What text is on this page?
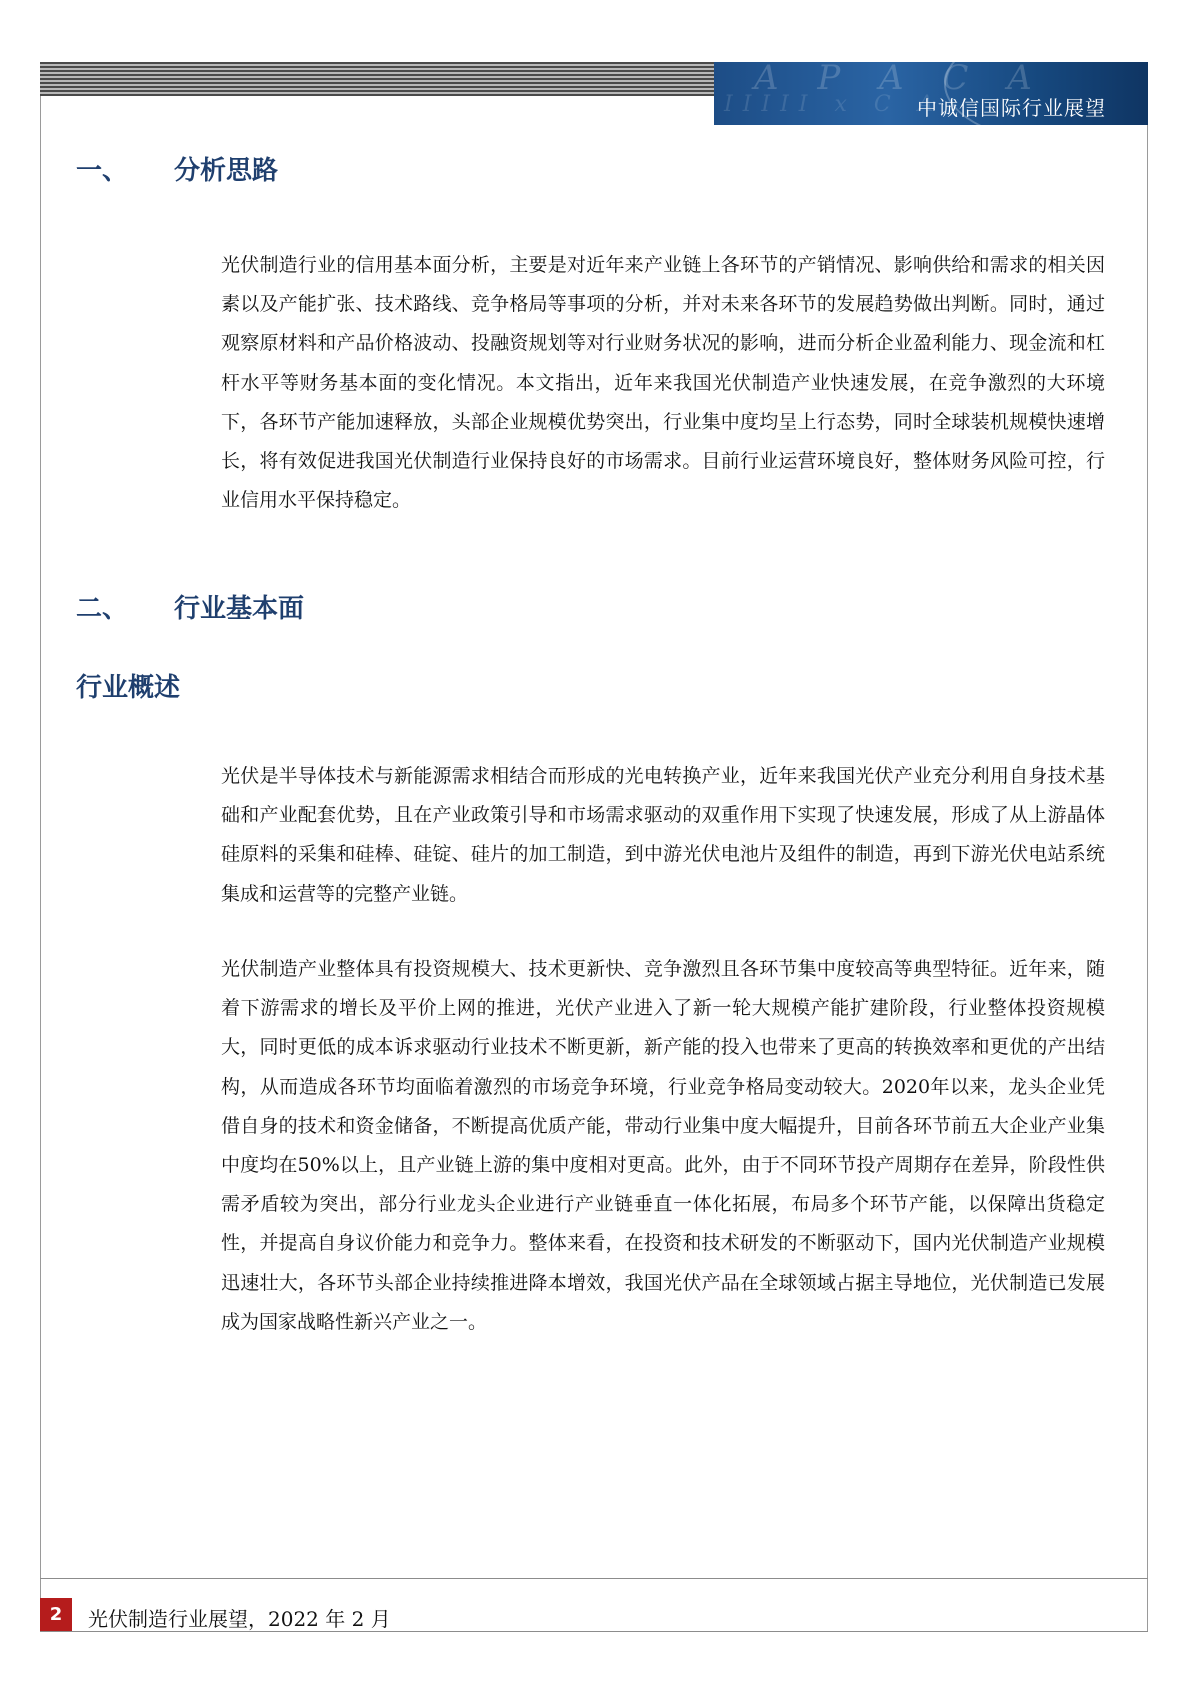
A P A C A
IIIII x C A
中诚信国际行业展望
一、 分析思路

光伏制造行业的信用基本面分析，主要是对近年来产业链上各环节的产销情况、影响供给和需求的相关因素以及产能扩张、技术路线、竞争格局等事项的分析，并对未来各环节的发展趋势做出判断。同时，通过观察原材料和产品价格波动、投融资规划等对行业财务状况的影响，进而分析企业盈利能力、现金流和杠杆水平等财务基本面的变化情况。本文指出，近年来我国光伏制造产业快速发展，在竞争激烈的大环境下，各环节产能加速释放，头部企业规模优势突出，行业集中度均呈上行态势，同时全球装机规模快速增长，将有效促进我国光伏制造行业保持良好的市场需求。目前行业运营环境良好，整体财务风险可控，行业信用水平保持稳定。

二、 行业基本面
行业概述

光伏是半导体技术与新能源需求相结合而形成的光电转换产业，近年来我国光伏产业充分利用自身技术基础和产业配套优势，且在产业政策引导和市场需求驱动的双重作用下实现了快速发展，形成了从上游晶体硅原料的采集和硅棒、硅锭、硅片的加工制造，到中游光伏电池片及组件的制造，再到下游光伏电站系统集成和运营等的完整产业链。

光伏制造产业整体具有投资规模大、技术更新快、竞争激烈且各环节集中度较高等典型特征。近年来，随着下游需求的增长及平价上网的推进，光伏产业进入了新一轮大规模产能扩建阶段，行业整体投资规模大，同时更低的成本诉求驱动行业技术不断更新，新产能的投入也带来了更高的转换效率和更优的产出结构，从而造成各环节均面临着激烈的市场竞争环境，行业竞争格局变动较大。2020年以来，龙头企业凭借自身的技术和资金储备，不断提高优质产能，带动行业集中度大幅提升，目前各环节前五大企业产业集中度均在50%以上，且产业链上游的集中度相对更高。此外，由于不同环节投产周期存在差异，阶段性供需矛盾较为突出，部分行业龙头企业进行产业链垂直一体化拓展，布局多个环节产能，以保障出货稳定性，并提高自身议价能力和竞争力。整体来看，在投资和技术研发的不断驱动下，国内光伏制造产业规模迅速壮大，各环节头部企业持续推进降本增效，我国光伏产品在全球领域占据主导地位，光伏制造已发展成为国家战略性新兴产业之一。

2	光伏制造行业展望，2022 年 2 月
